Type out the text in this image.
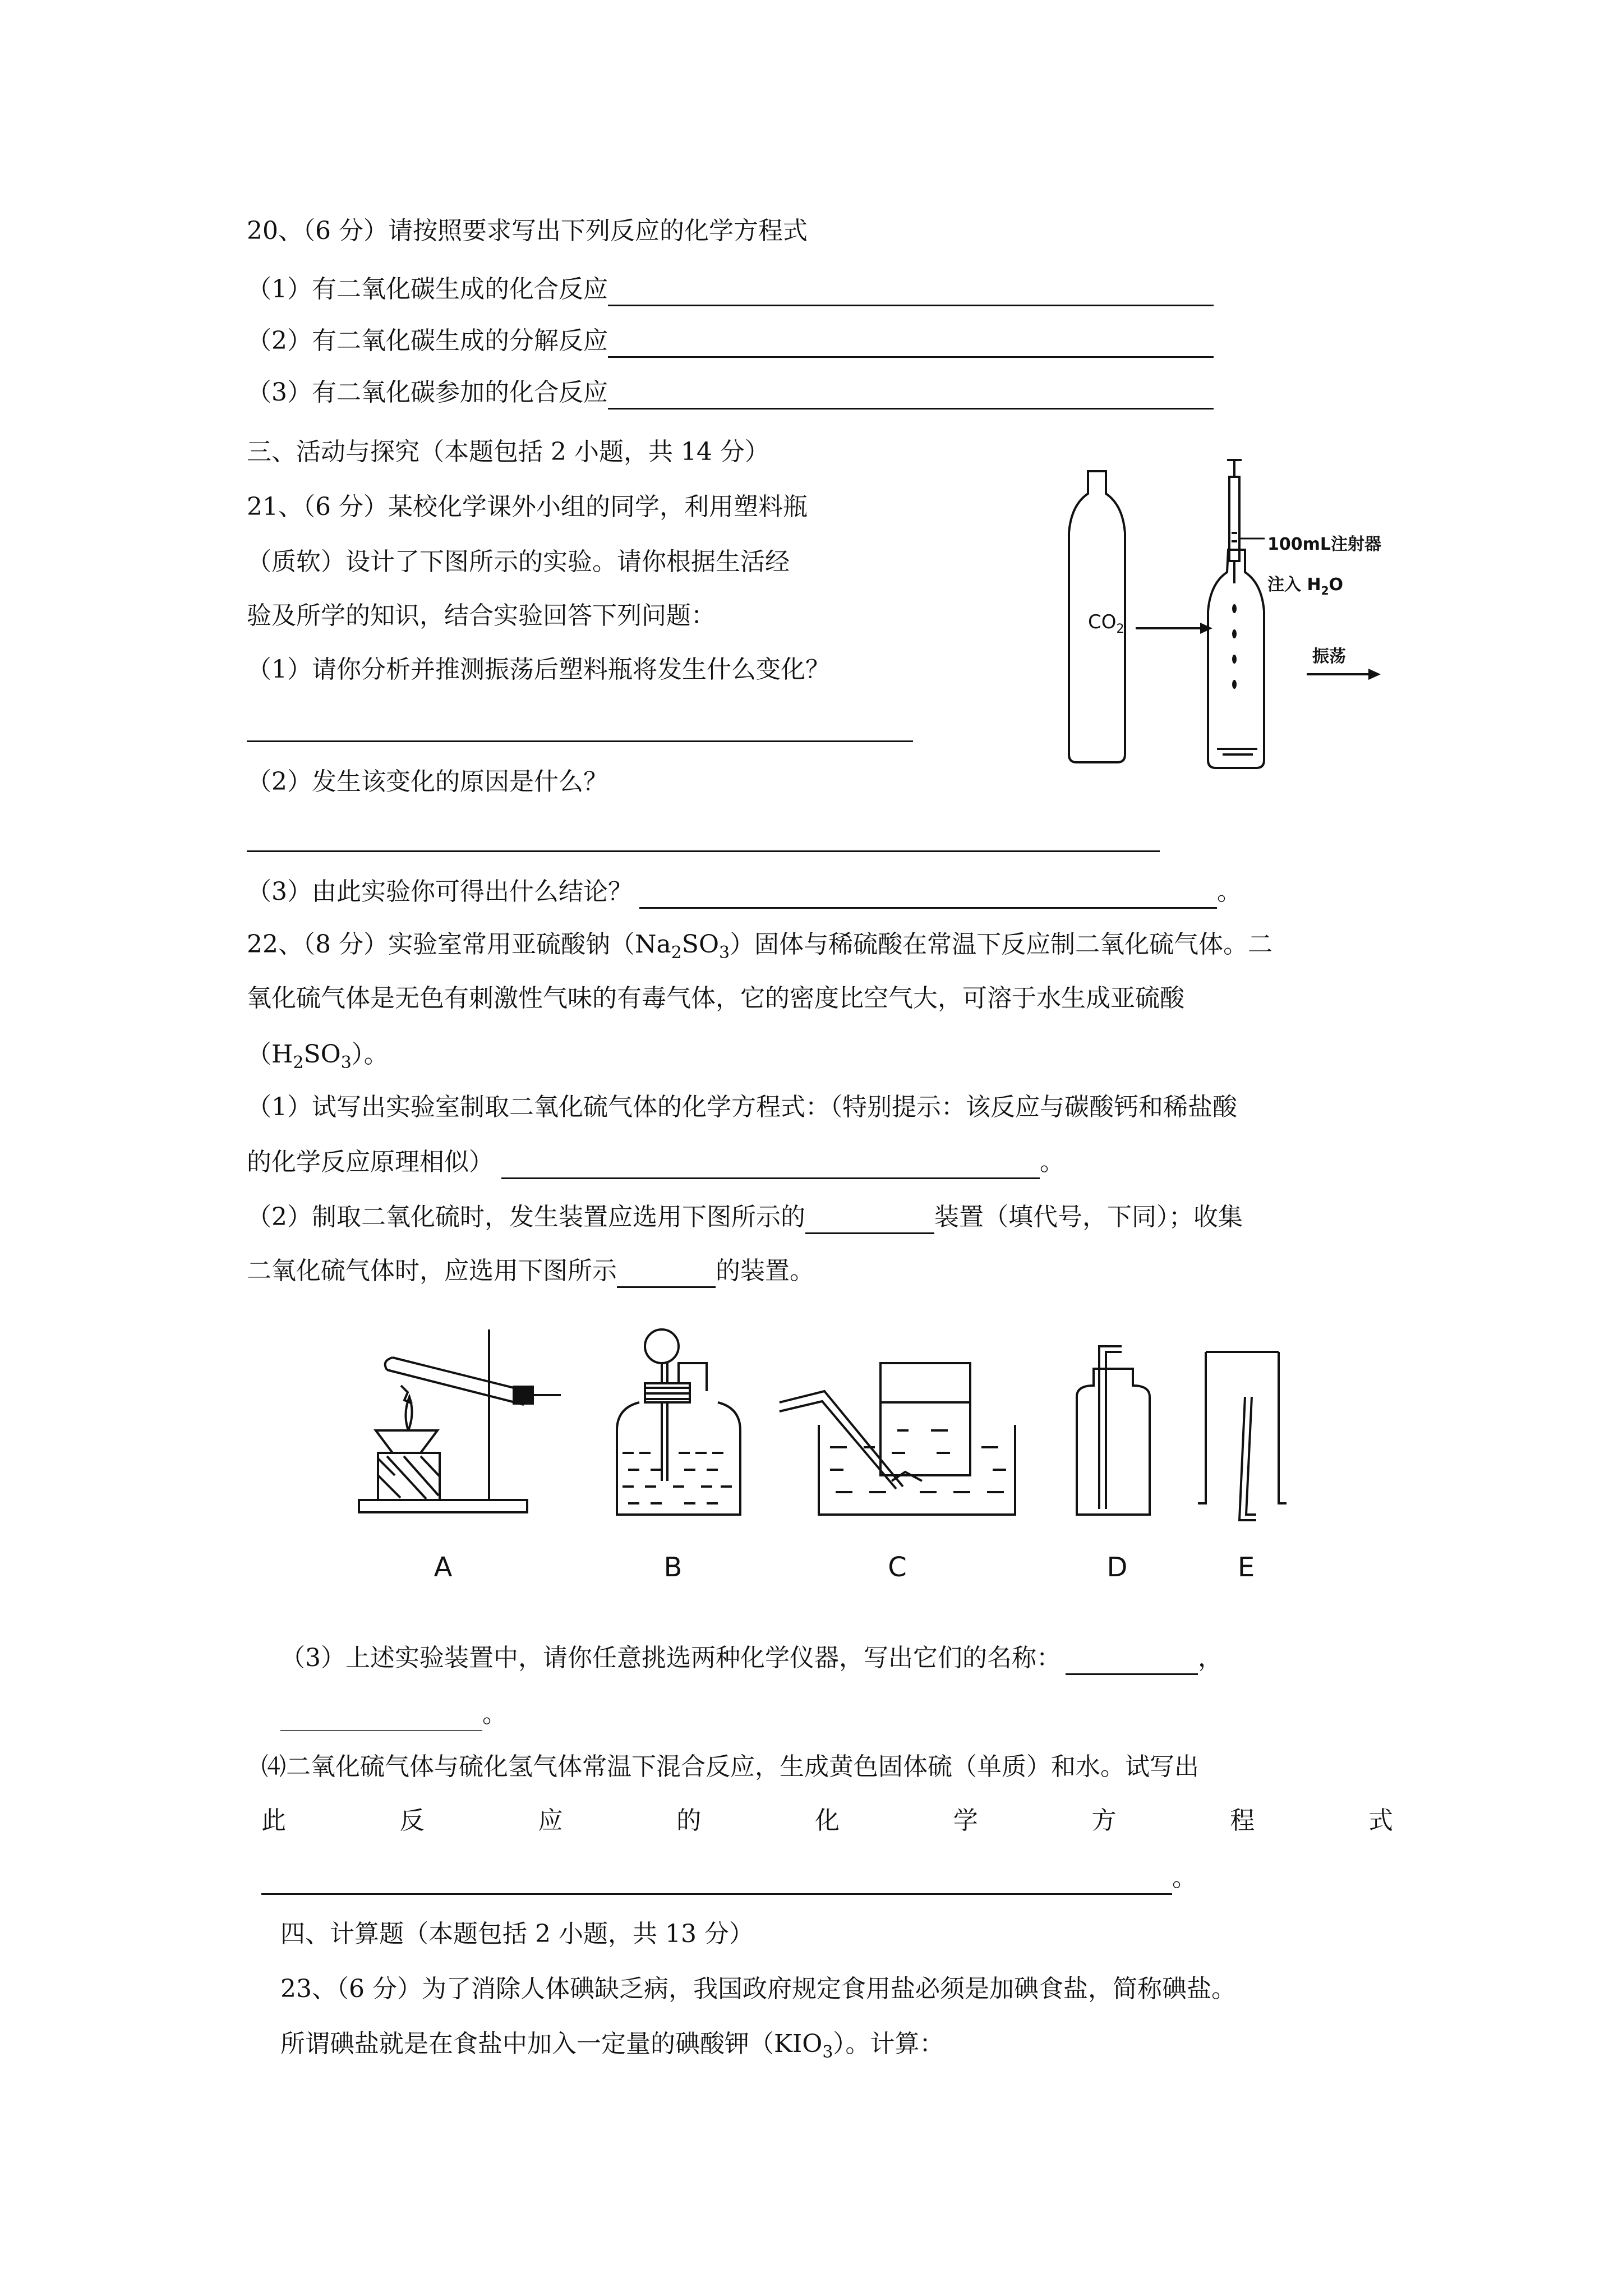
20、（6 分）请按照要求写出下列反应的化学方程式
（1）有二氧化碳生成的化合反应
（2）有二氧化碳生成的分解反应
（3）有二氧化碳参加的化合反应
三、活动与探究（本题包括 2 小题，共 14 分）
21、（6 分）某校化学课外小组的同学，利用塑料瓶
（质软）设计了下图所示的实验。请你根据生活经
验及所学的知识，结合实验回答下列问题：
（1）请你分析并推测振荡后塑料瓶将发生什么变化？
（2）发生该变化的原因是什么？
（3）由此实验你可得出什么结论？	。
$CO_2$
100mL注射器
注入 $H_2O$
振荡
22、（8 分）实验室常用亚硫酸钠$(Na_2SO_3)$固体与稀硫酸在常温下反应制二氧化硫气体。二
氧化硫气体是无色有刺激性气味的有毒气体，它的密度比空气大，可溶于水生成亚硫酸
$(H_2SO_3)$。
（1）试写出实验室制取二氧化硫气体的化学方程式：（特别提示：该反应与碳酸钙和稀盐酸
的化学反应原理相似）	。
（2）制取二氧化硫时，发生装置应选用下图所示的	装置（填代号，下同）；收集
二氧化硫气体时，应选用下图所示	的装置。
A	B	C	D	E
（3）上述实验装置中，请你任意挑选两种化学仪器，写出它们的名称：	，
。
⑷二氧化硫气体与硫化氢气体常温下混合反应，生成黄色固体硫（单质）和水。试写出
此	反	应	的	化	学	方	程	式
。
四、计算题（本题包括 2 小题，共 13 分）
23、（6 分）为了消除人体碘缺乏病，我国政府规定食用盐必须是加碘食盐，简称碘盐。
所谓碘盐就是在食盐中加入一定量的碘酸钾$(KIO_3)$。计算：
